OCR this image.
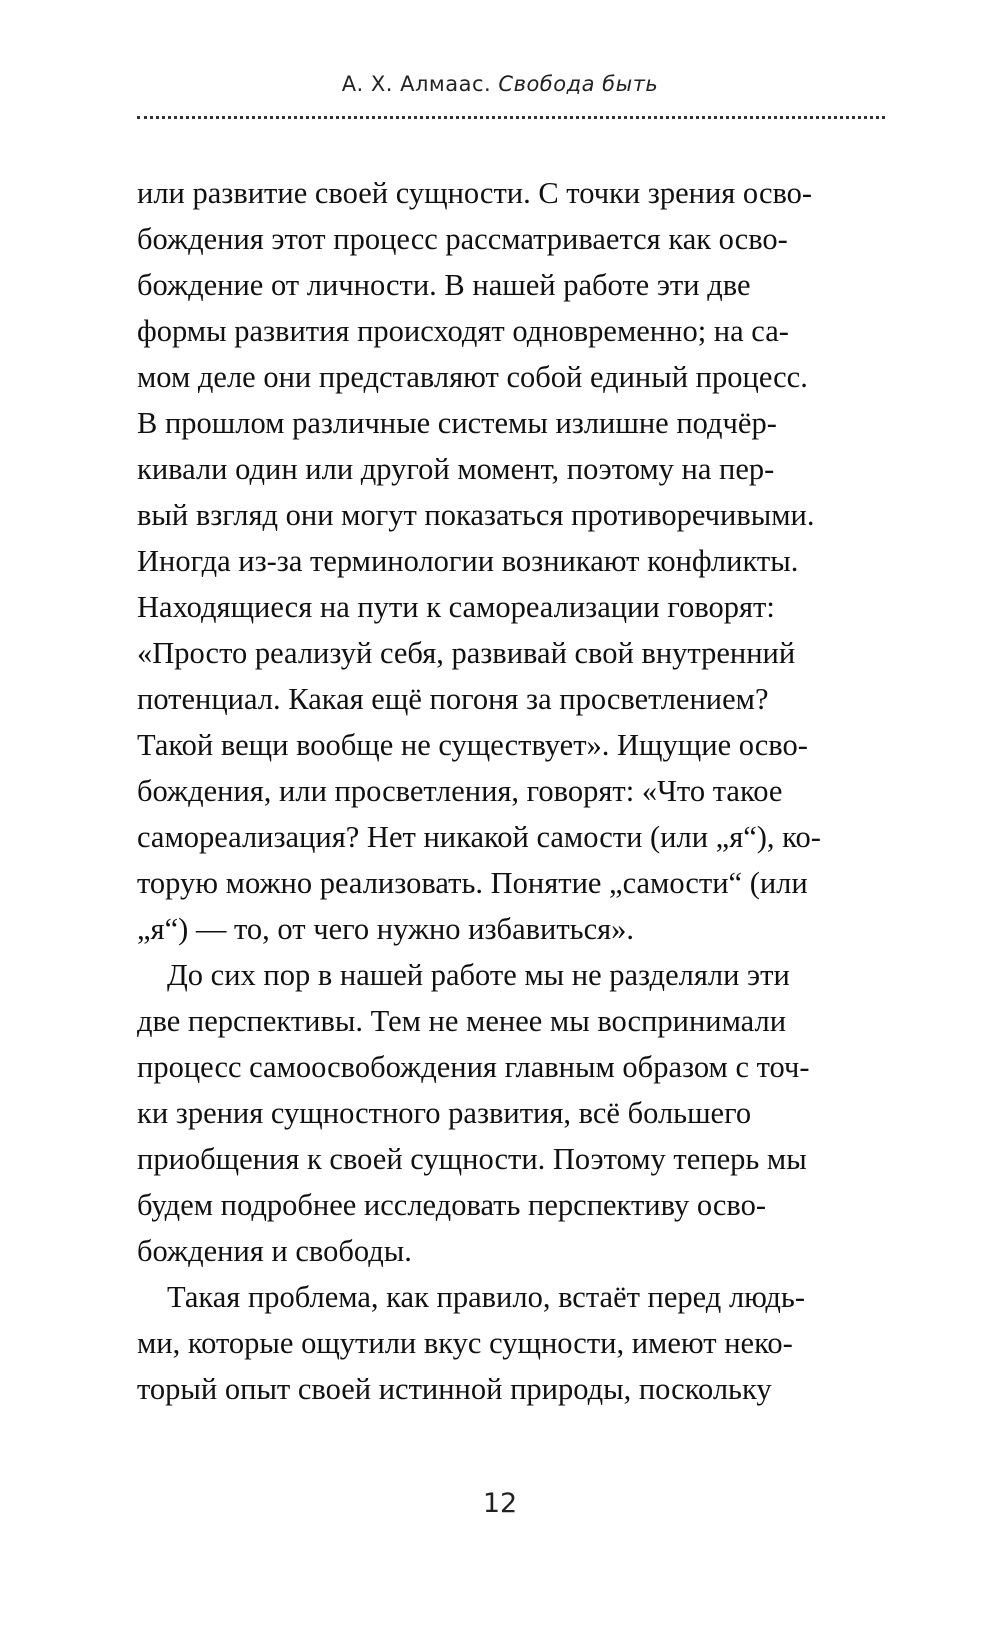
А. Х. Алмаас. Свобода быть
или развитие своей сущности. С точки зрения осво-
бождения этот процесс рассматривается как осво-
бождение от личности. В нашей работе эти две
формы развития происходят одновременно; на са-
мом деле они представляют собой единый процесс.
В прошлом различные системы излишне подчёр-
кивали один или другой момент, поэтому на пер-
вый взгляд они могут показаться противоречивыми.
Иногда из-за терминологии возникают конфликты.
Находящиеся на пути к самореализации говорят:
«Просто реализуй себя, развивай свой внутренний
потенциал. Какая ещё погоня за просветлением?
Такой вещи вообще не существует». Ищущие осво-
бождения, или просветления, говорят: «Что такое
самореализация? Нет никакой самости (или „я“), ко-
торую можно реализовать. Понятие „самости“ (или
„я“) — то, от чего нужно избавиться».
До сих пор в нашей работе мы не разделяли эти
две перспективы. Тем не менее мы воспринимали
процесс самоосвобождения главным образом с точ-
ки зрения сущностного развития, всё большего
приобщения к своей сущности. Поэтому теперь мы
будем подробнее исследовать перспективу осво-
бождения и свободы.
Такая проблема, как правило, встаёт перед людь-
ми, которые ощутили вкус сущности, имеют неко-
торый опыт своей истинной природы, поскольку
12
